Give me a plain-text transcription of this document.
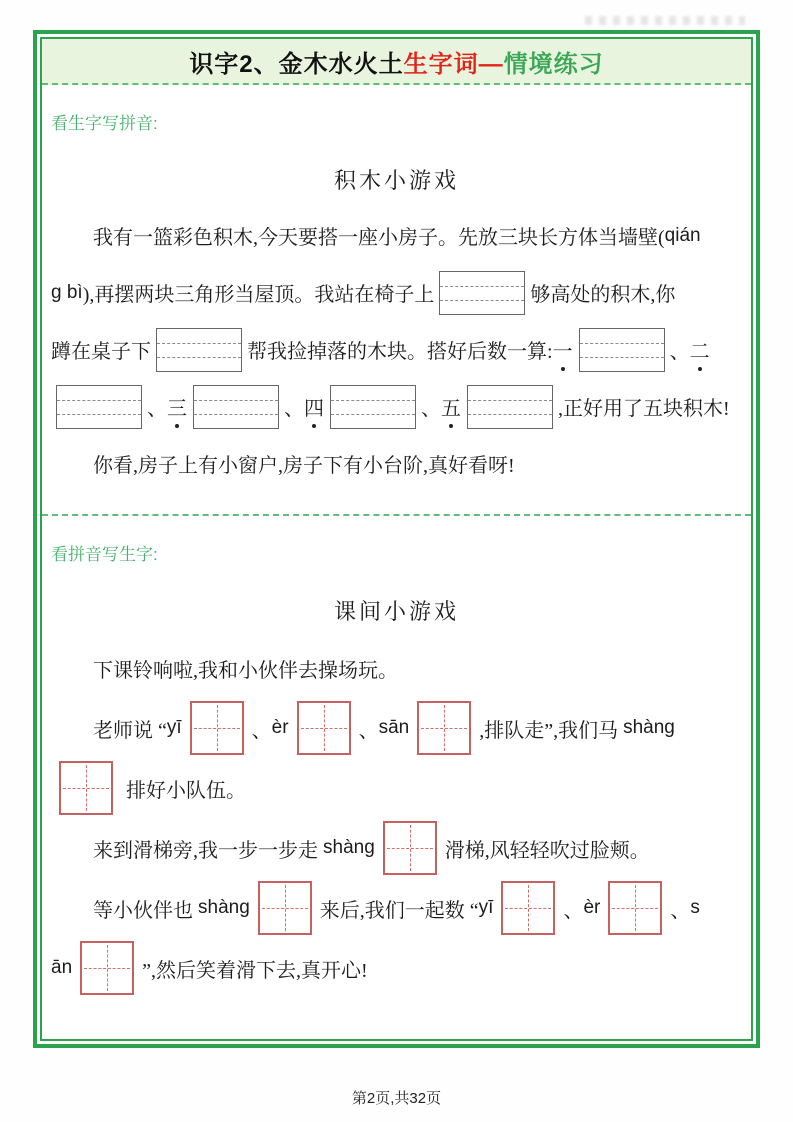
识字2、金木水火土 生字词— 情境练习
看生字写拼音:
积木小游戏
我有一篮彩色积木,今天要搭一座小房子。先放三块长方体当墙壁( qián
g bì ),再摆两块三角形当屋顶。我站在椅子上	够高处的积木,你
蹲在桌子下	帮我捡掉落的木块。搭好后数一算: 一	、 二
、 三	、 四	、 五	,正好用了五块积木!
你看,房子上有小窗户,房子下有小台阶,真好看呀!
看拼音写生字:
课间小游戏
下课铃响啦,我和小伙伴去操场玩。
老师说 “ yī	、 èr	、 sān	,排队走”,我们马 shàng
排好小队伍。
来到滑梯旁,我一步一步走 shàng	滑梯,风轻轻吹过脸颊。
等小伙伴也 shàng	来后,我们一起数 “ yī	、 èr	、 s
ān	”,然后笑着滑下去,真开心!
第2页,共32页
